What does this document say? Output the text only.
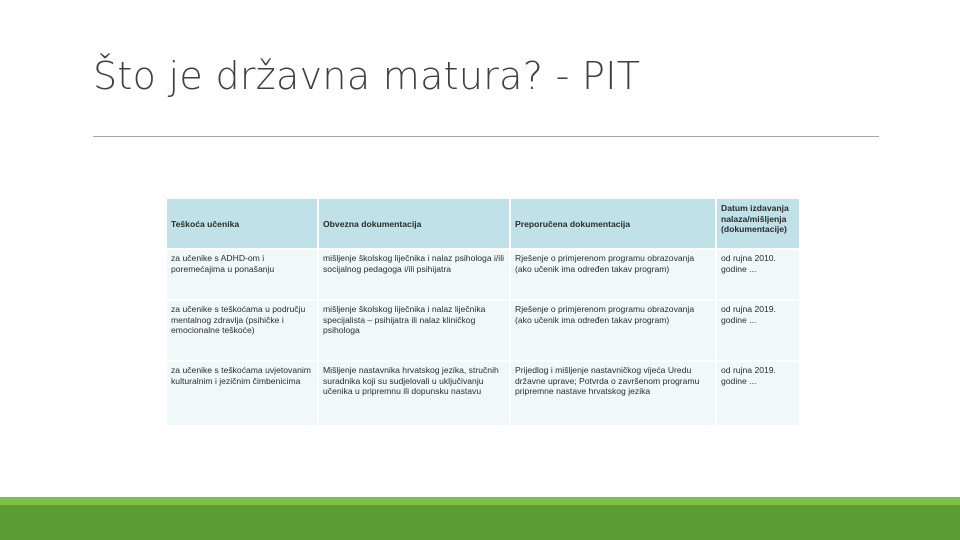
Što je državna matura? - PIT
Teškoća učenika	Obvezna dokumentacija	Preporučena dokumentacija	Datum izdavanja nalaza/mišljenja (dokumentacije)
za učenike s ADHD-om i poremećajima u ponašanju	mišljenje školskog liječnika i nalaz psihologa i/ili socijalnog pedagoga i/ili psihijatra	Rješenje o primjerenom programu obrazovanja (ako učenik ima određen takav program)	od rujna 2010. godine ...
za učenike s teškoćama u području mentalnog zdravlja (psihičke i emocionalne teškoće)	mišljenje školskog liječnika i nalaz liječnika specijalista – psihijatra ili nalaz kliničkog psihologa	Rješenje o primjerenom programu obrazovanja (ako učenik ima određen takav program)	od rujna 2019. godine ...
za učenike s teškoćama uvjetovanim kulturalnim i jezičnim čimbenicima	Mišljenje nastavnika hrvatskog jezika, stručnih suradnika koji su sudjelovali u uključivanju učenika u pripremnu ili dopunsku nastavu	Prijedlog i mišljenje nastavničkog vijeća Uredu državne uprave; Potvrda o završenom programu pripremne nastave hrvatskog jezika	od rujna 2019. godine ...
